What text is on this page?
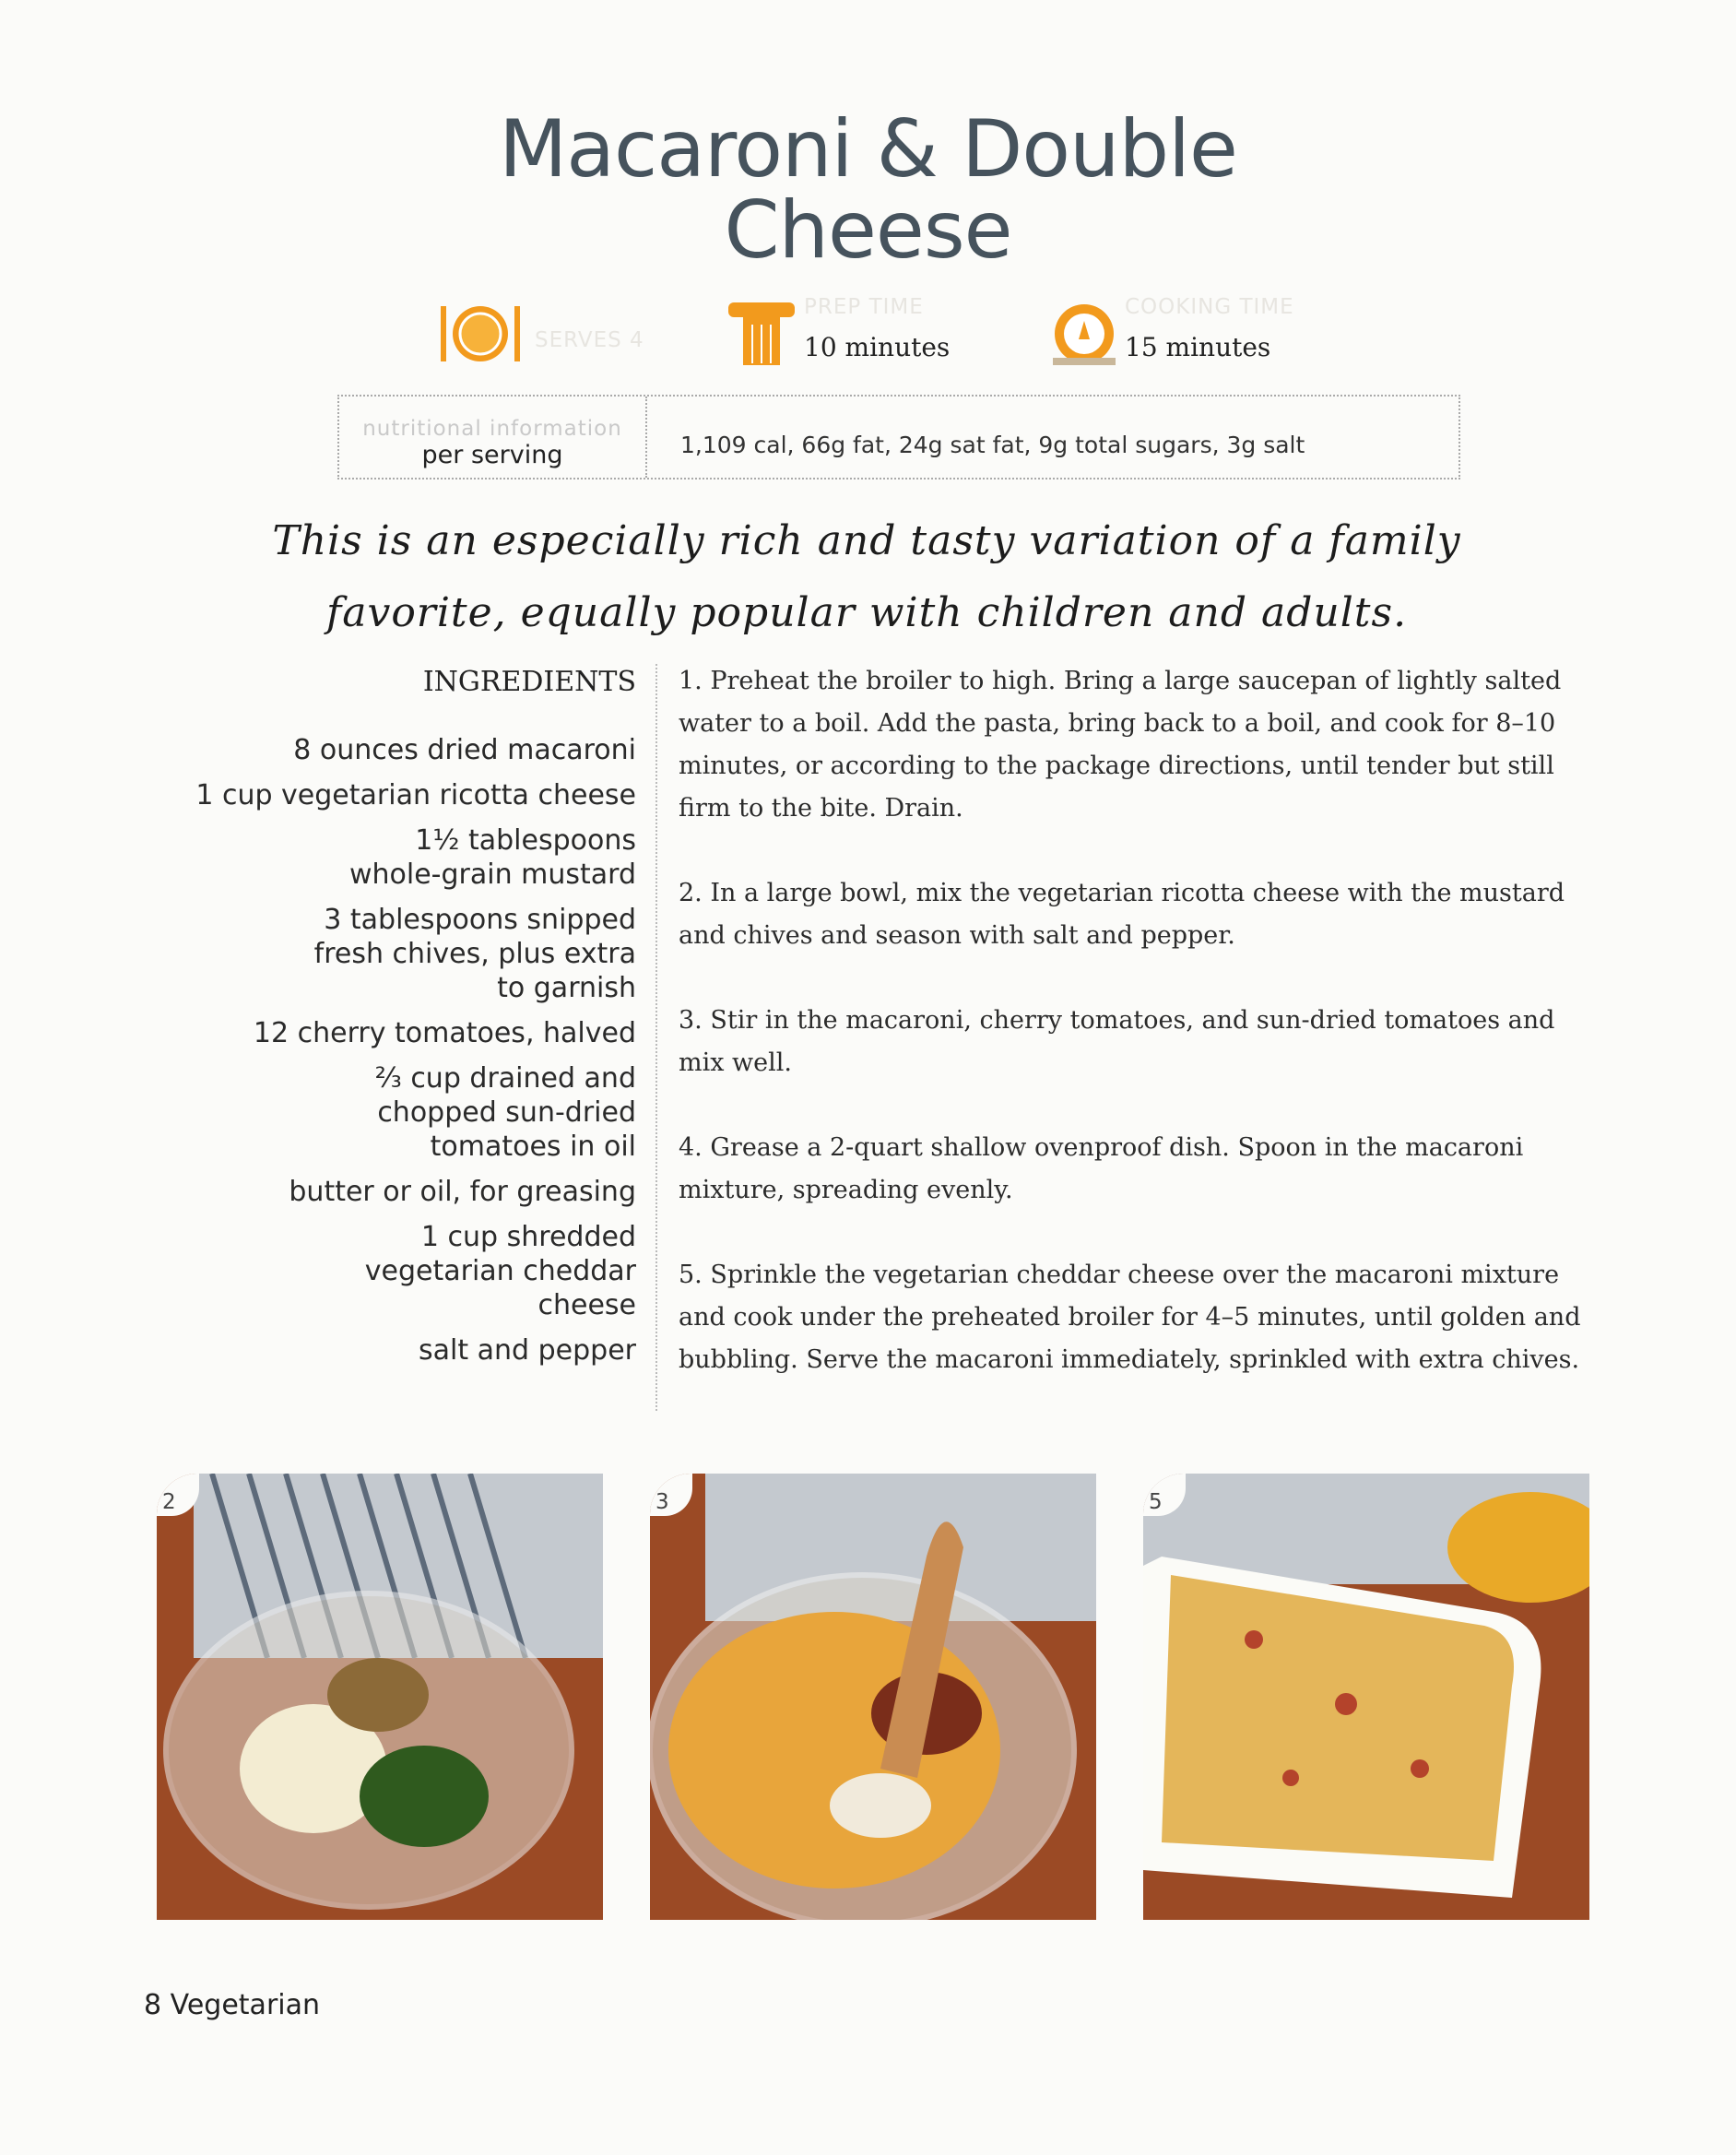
Macaroni & Double
Cheese
SERVES 4
PREP TIME
10 minutes
COOKING TIME
15 minutes
nutritional information
per serving	1,109 cal, 66g fat, 24g sat fat, 9g total sugars, 3g salt
This is an especially rich and tasty variation of a family
favorite, equally popular with children and adults.
INGREDIENTS
8 ounces dried macaroni
1 cup vegetarian ricotta cheese
1½ tablespoons whole-grain mustard
3 tablespoons snipped fresh chives, plus extra to garnish
12 cherry tomatoes, halved
⅔ cup drained and chopped sun-dried tomatoes in oil
butter or oil, for greasing
1 cup shredded vegetarian cheddar cheese
salt and pepper

1. Preheat the broiler to high. Bring a large saucepan of lightly salted water to a boil. Add the pasta, bring back to a boil, and cook for 8–10 minutes, or according to the package directions, until tender but still firm to the bite. Drain.

2. In a large bowl, mix the vegetarian ricotta cheese with the mustard and chives and season with salt and pepper.

3. Stir in the macaroni, cherry tomatoes, and sun-dried tomatoes and mix well.

4. Grease a 2-quart shallow ovenproof dish. Spoon in the macaroni mixture, spreading evenly.

5. Sprinkle the vegetarian cheddar cheese over the macaroni mixture and cook under the preheated broiler for 4–5 minutes, until golden and bubbling. Serve the macaroni immediately, sprinkled with extra chives.

2	3	5
8 Vegetarian
